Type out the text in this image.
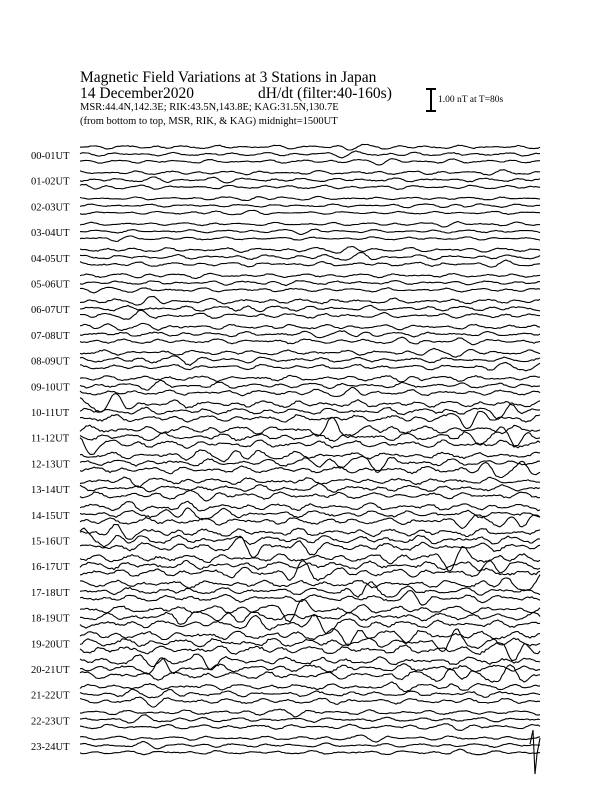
Magnetic Field Variations at 3 Stations in Japan
14 December2020	dH/dt (filter:40-160s)
MSR:44.4N,142.3E; RIK:43.5N,143.8E; KAG:31.5N,130.7E
(from bottom to top, MSR, RIK, & KAG) midnight=1500UT
1.00 nT at T=80s
00-01UT
01-02UT
02-03UT
03-04UT
04-05UT
05-06UT
06-07UT
07-08UT
08-09UT
09-10UT
10-11UT
11-12UT
12-13UT
13-14UT
14-15UT
15-16UT
16-17UT
17-18UT
18-19UT
19-20UT
20-21UT
21-22UT
22-23UT
23-24UT
